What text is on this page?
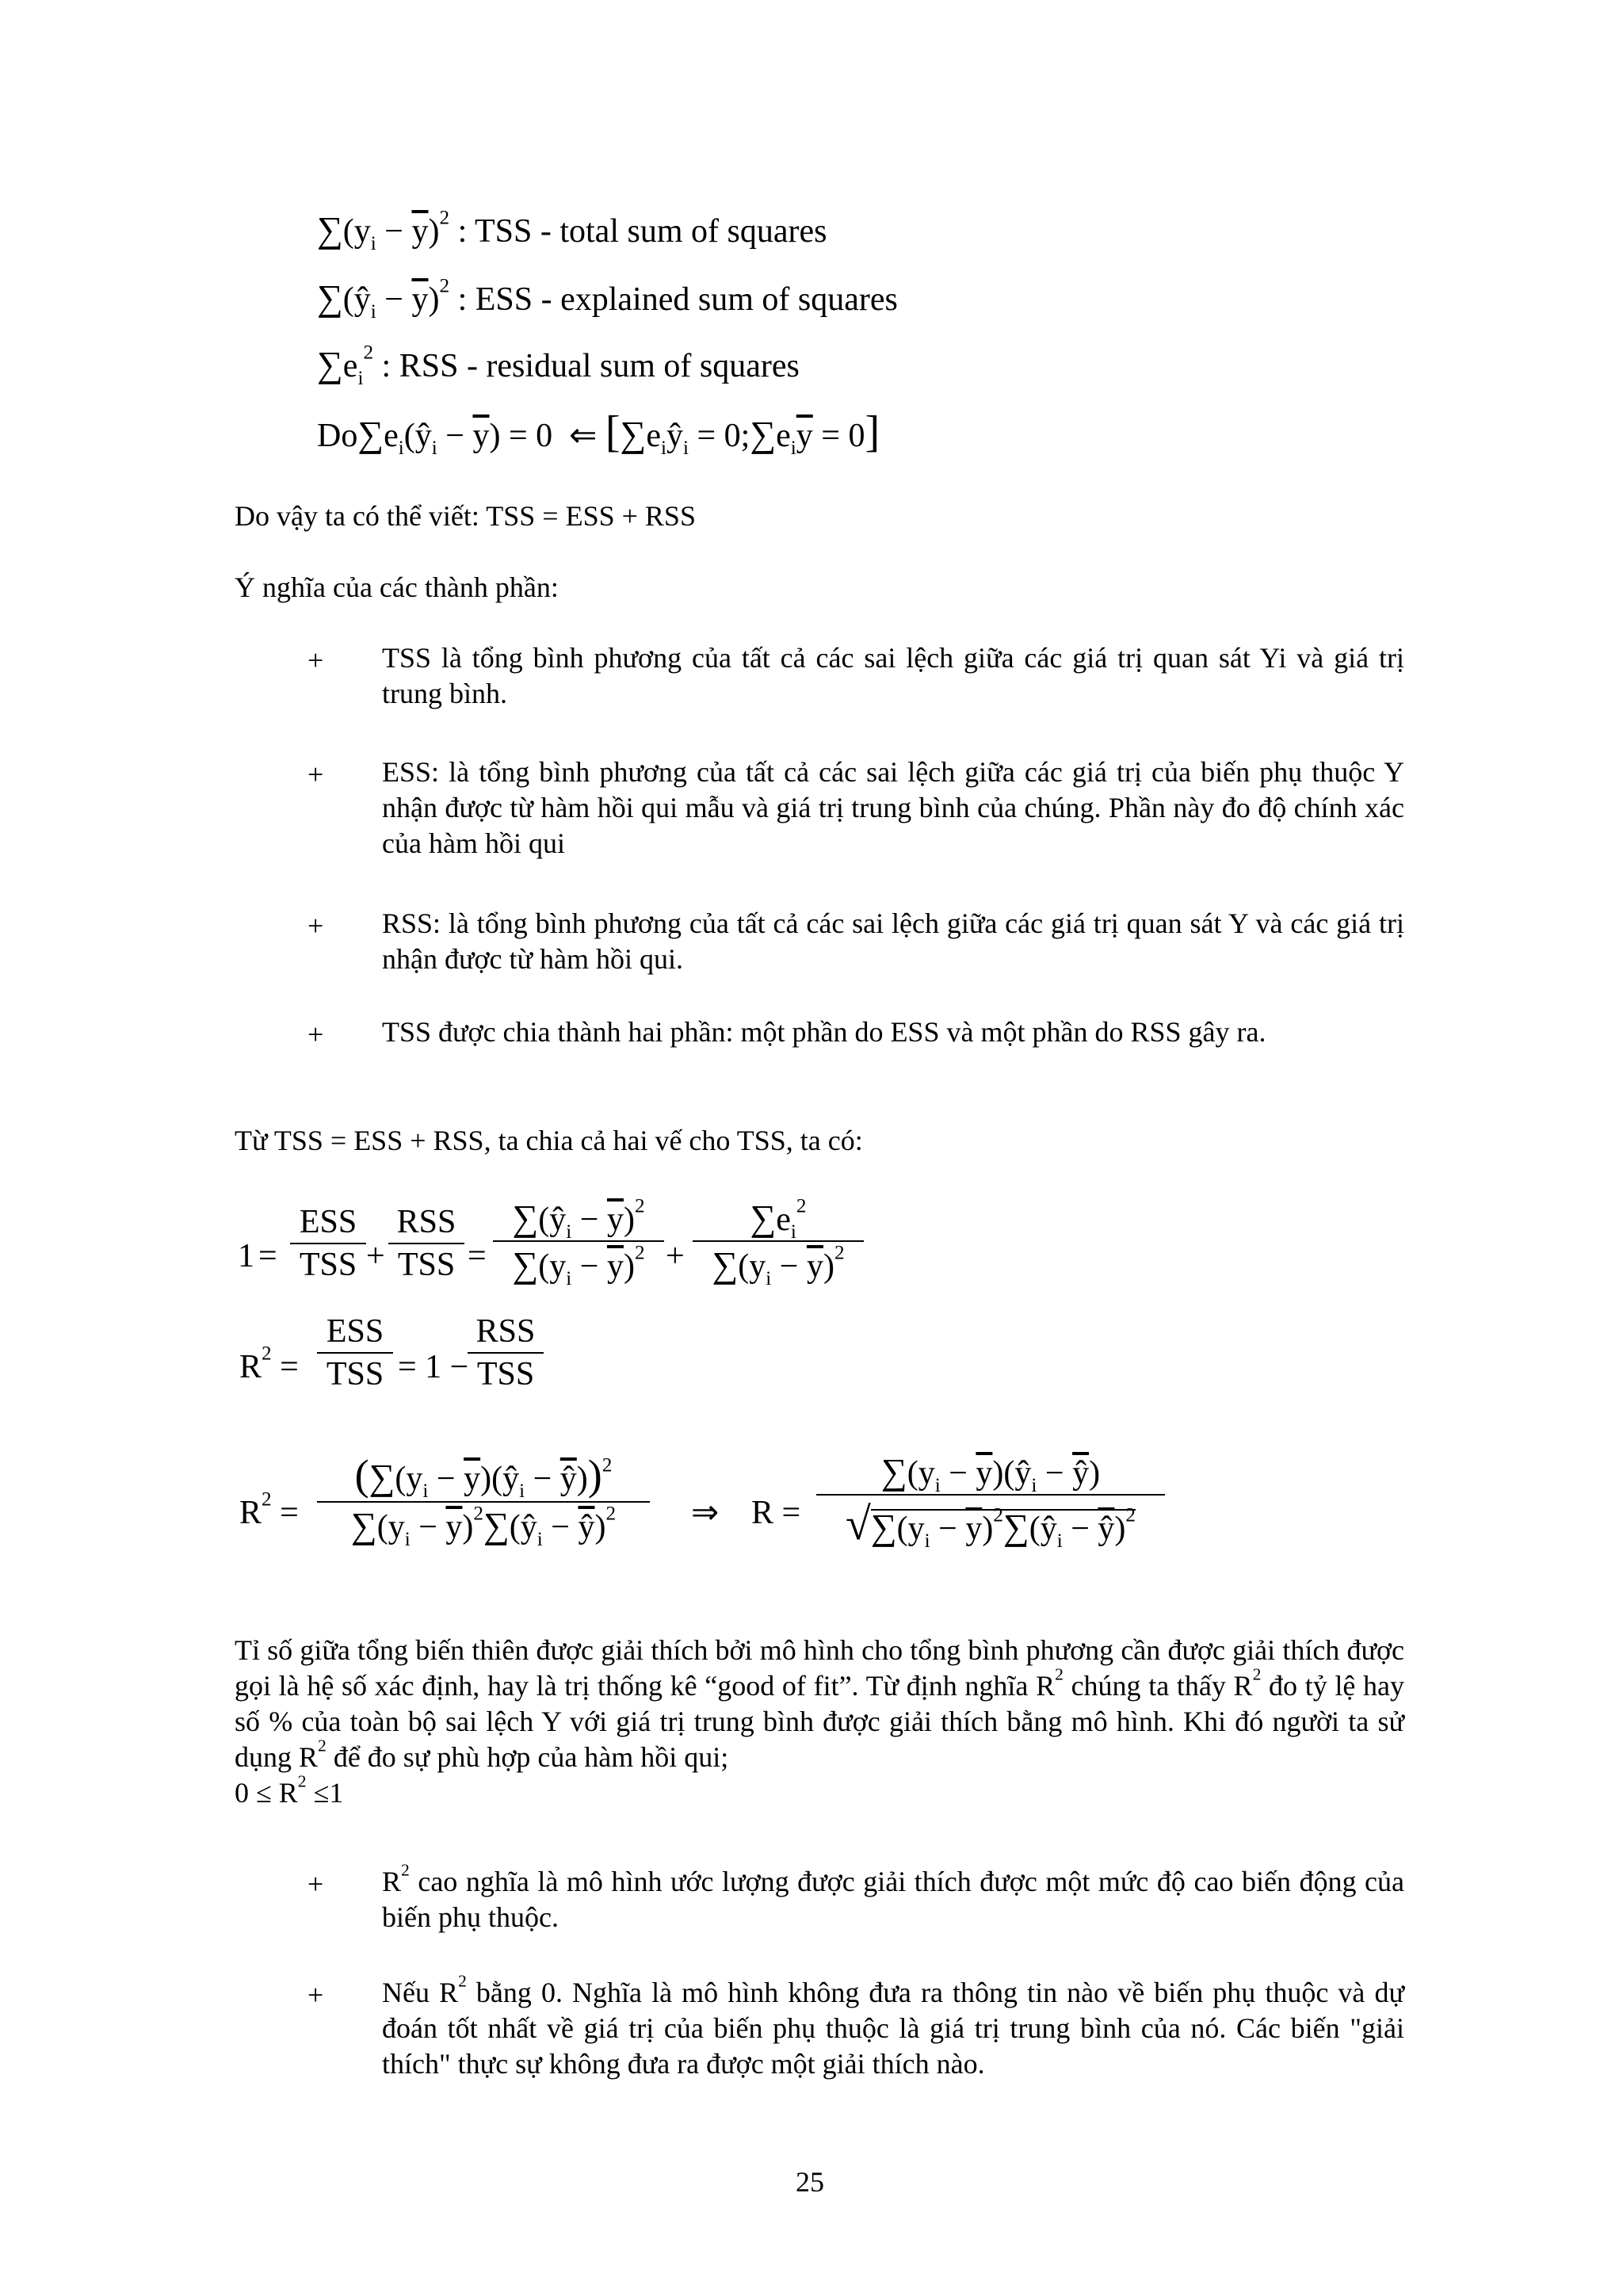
$\sum(y_i - \overline{y})^2$ : TSS - total sum of squares
$\sum(ŷ_i - \overline{y})^2$ : ESS - explained sum of squares
$\sum e_i^2$ : RSS - residual sum of squares
$Do\sum e_i(ŷ_i - \overline{y}) = 0$  ⇐ [$\sum e_iŷ_i$ = $0;\sum e_i\overline{y} = 0$]
Do vậy ta có thể viết: TSS = ESS + RSS
Ý nghĩa của các thành phần:
+ TSS là tổng bình phương của tất cả các sai lệch giữa các giá trị quan sát Yi và giá trị trung bình.
+ ESS: là tổng bình phương của tất cả các sai lệch giữa các giá trị của biến phụ thuộc Y nhận được từ hàm hồi qui mẫu và giá trị trung bình của chúng. Phần này đo độ chính xác của hàm hồi qui
+ RSS: là tổng bình phương của tất cả các sai lệch giữa các giá trị quan sát Y và các giá trị nhận được từ hàm hồi qui.
+ TSS được chia thành hai phần: một phần do ESS và một phần do RSS gây ra.
Từ TSS = ESS + RSS, ta chia cả hai vế cho TSS, ta có:
1 =
ESS
TSS +
RSS
TSS =
$\sum(ŷ_i - \overline{y})^2$
$\sum(y_i - \overline{y})^2$ +
$\sum e_i^2$
$\sum(y_i - \overline{y})^2$
$R^2$ =
ESS
TSS = 1 −
RSS
TSS
$R^2$ =
($\sum(y_i$ − $\overline{y})(ŷ_i - \overline{ŷ}))^2$
$\sum(y_i$ − $\overline{y})^2\sum(ŷ_i - \overline{ŷ})^2$	⇒ R =
$\sum(y_i$ − $\overline{y})(ŷ_i - \overline{ŷ})$
$√\sum(y_i$ − $\overline{y})^2\sum(ŷ_i - \overline{ŷ})^2$
Tỉ số giữa tổng biến thiên được giải thích bởi mô hình cho tổng bình phương cần được giải thích được gọi là hệ số xác định, hay là trị thống kê “good of fit”. Từ định nghĩa $R^2$ chúng ta thấy $R^2$ đo tỷ lệ hay số % của toàn bộ sai lệch Y với giá trị trung bình được giải thích bằng mô hình. Khi đó người ta sử dụng $R^2$ để đo sự phù hợp của hàm hồi qui;
$0 \le R^2 \le 1$
+ $R^2$ cao nghĩa là mô hình ước lượng được giải thích được một mức độ cao biến động của biến phụ thuộc.
+ Nếu $R^2$ bằng 0. Nghĩa là mô hình không đưa ra thông tin nào về biến phụ thuộc và dự đoán tốt nhất về giá trị của biến phụ thuộc là giá trị trung bình của nó. Các biến "giải thích" thực sự không đưa ra được một giải thích nào.
25
